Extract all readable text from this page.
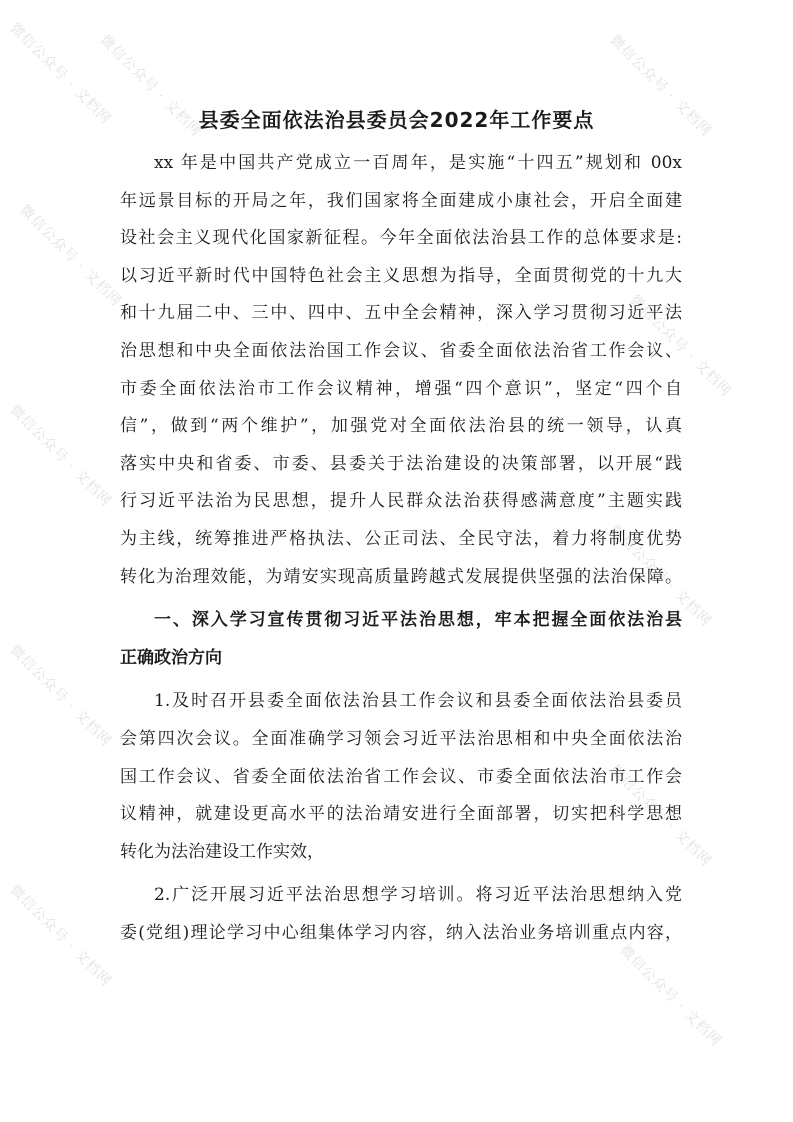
微信公众号 · 文档网
微信公众号 · 文档网	微信公众号 · 文档网
微信公众号 · 文档网
微信公众号 · 文档网
微信公众号 · 文档网
微信公众号 · 文档网
微信公众号 · 文档网
微信公众号 · 文档网
微信公众号 · 文档网
微信公众号 · 文档网
县委全面依法治县委员会2022年工作要点
xx 年是中国共产党成立一百周年，是实施“十四五”规划和 00x
年远景目标的开局之年，我们国家将全面建成小康社会，开启全面建
设社会主义现代化国家新征程。今年全面依法治县工作的总体要求是:
以习近平新时代中国特色社会主义思想为指导，全面贯彻党的十九大
和十九届二中、三中、四中、五中全会精神，深入学习贯彻习近平法
治思想和中央全面依法治国工作会议、省委全面依法治省工作会议、
市委全面依法治市工作会议精神，增强“四个意识”，坚定“四个自
信”，做到“两个维护”，加强党对全面依法治县的统一领导，认真
落实中央和省委、市委、县委关于法治建设的决策部署，以开展“践
行习近平法治为民思想，提升人民群众法治获得感满意度”主题实践
为主线，统筹推进严格执法、公正司法、全民守法，着力将制度优势
转化为治理效能，为靖安实现高质量跨越式发展提供坚强的法治保障。
一、深入学习宣传贯彻习近平法治思想，牢本把握全面依法治县
正确政治方向
1.及时召开县委全面依法治县工作会议和县委全面依法治县委员
会第四次会议。全面准确学习领会习近平法治思相和中央全面依法治
国工作会议、省委全面依法治省工作会议、市委全面依法治市工作会
议精神，就建设更高水平的法治靖安进行全面部署，切实把科学思想
转化为法治建设工作实效，
2.广泛开展习近平法治思想学习培训。将习近平法治思想纳入党
委(党组)理论学习中心组集体学习内容，纳入法治业务培训重点内容，
